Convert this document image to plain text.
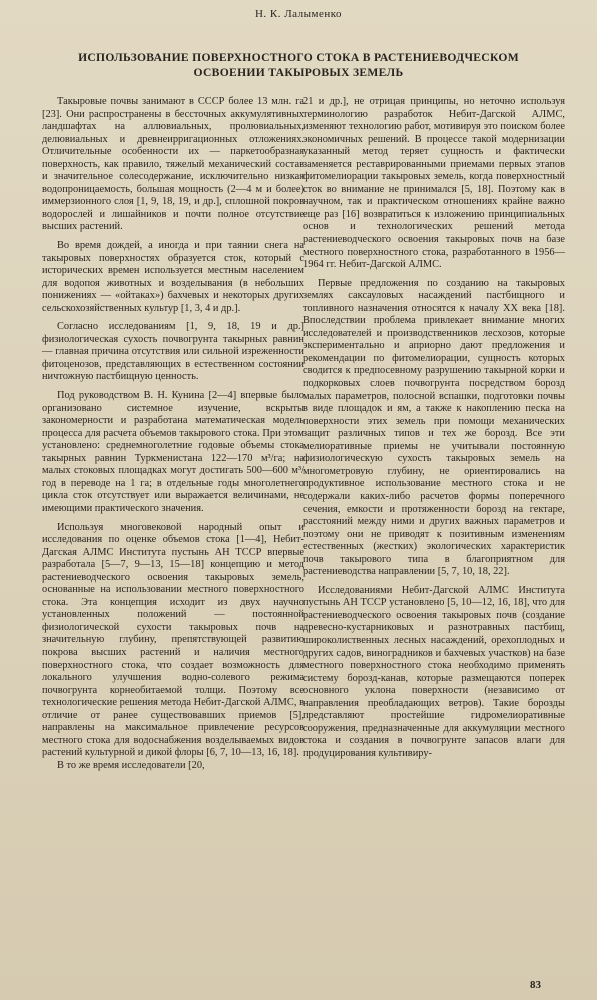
Н. К. Лалыменко
ИСПОЛЬЗОВАНИЕ ПОВЕРХНОСТНОГО СТОКА В РАСТЕНИЕВОДЧЕСКОМ
ОСВОЕНИИ ТАКЫРОВЫХ ЗЕМЕЛЬ

Такыровые почвы занимают в СССР более 13 млн. га [23]. Они распространены в бессточных аккумулятивных ландшафтах на аллювиальных, пролювиальных, делювиальных и древнеирригационных отложениях. Отличительные особенности их — паркетообразная поверхность, как правило, тяжелый механический состав и значительное солесодержание, исключительно низкая водопроницаемость, большая мощность (2—4 м и более) иммерзионного слоя [1, 9, 18, 19, и др.], сплошной покров водорослей и лишайников и почти полное отсутствие высших растений.

Во время дождей, а иногда и при таянии снега на такыровых поверхностях образуется сток, который с исторических времен используется местным населением для водопоя животных и возделывания (в небольших понижениях — «ойтаках») бахчевых и некоторых других сельскохозяйственных культур [1, 3, 4 и др.].

Согласно исследованиям [1, 9, 18, 19 и др.] физиологическая сухость почвогрунта такырных равнин — главная причина отсутствия или сильной изреженности фитоценозов, представляющих в естественном состоянии ничтожную пастбищную ценность.

Под руководством В. Н. Кунина [2—4] впервые было организовано системное изучение, вскрыты закономерности и разработана математическая модель процесса для расчета объемов такырового стока. При этом установлено: среднемноголетние годовые объемы стока такырных равнин Туркменистана 122—170 м³/га; на малых стоковых площадках могут достигать 500—600 м³/год в переводе на 1 га; в отдельные годы многолетнего цикла сток отсутствует или выражается величинами, не имеющими практического значения.

Используя многовековой народный опыт и исследования по оценке объемов стока [1—4], Небит-Дагская АЛМС Института пустынь АН ТССР впервые разработала [5—7, 9—13, 15—18] концепцию и метод растениеводческого освоения такыровых земель, основанные на использовании местного поверхностного стока. Эта концепция исходит из двух научно установленных положений — постоянной физиологической сухости такыровых почв на значительную глубину, препятствующей развитию покрова высших растений и наличия местного поверхностного стока, что создает возможность для локального улучшения водно-солевого режима почвогрунта корнеобитаемой толщи. Поэтому все технологические решения метода Небит-Дагской АЛМС, в отличие от ранее существовавших приемов [5], направлены на максимальное привлечение ресурсов местного стока для водоснабжения возделываемых видов растений культурной и дикой флоры [6, 7, 10—13, 16, 18].

В то же время исследователи [20,

21 и др.], не отрицая принципы, но неточно используя терминологию разработок Небит-Дагской АЛМС, изменяют технологию работ, мотивируя это поиском более экономичных решений. В процессе такой модернизации указанный метод теряет сущность и фактически заменяется реставрированными приемами первых этапов фитомелиорации такыровых земель, когда поверхностный сток во внимание не принимался [5, 18]. Поэтому как в научном, так и практическом отношениях крайне важно еще раз [16] возвратиться к изложению принципиальных основ и технологических решений метода растениеводческого освоения такыровых почв на базе местного поверхностного стока, разработанного в 1956—1964 гг. Небит-Дагской АЛМС.

Первые предложения по созданию на такыровых землях саксауловых насаждений пастбищного и топливного назначения относятся к началу XX века [18]. Впоследствии проблема привлекает внимание многих исследователей и производственников лесхозов, которые экспериментально и априорно дают предложения и рекомендации по фитомелиорации, сущность которых сводится к предпосевному разрушению такырной корки и подкорковых слоев почвогрунта посредством борозд малых параметров, полосной вспашки, подготовки почвы в виде площадок и ям, а также к накоплению песка на поверхности этих земель при помощи механических защит различных типов и тех же борозд. Все эти мелиоративные приемы не учитывали постоянную физиологическую сухость такыровых земель на многометровую глубину, не ориентировались на продуктивное использование местного стока и не содержали каких-либо расчетов формы поперечного сечения, емкости и протяженности борозд на гектаре, расстояний между ними и других важных параметров и поэтому они не приводят к позитивным изменениям естественных (жестких) экологических характеристик почв такырового типа в благоприятном для растениеводства направлении [5, 7, 10, 18, 22].

Исследованиями Небит-Дагской АЛМС Института пустынь АН ТССР установлено [5, 10—12, 16, 18], что для растениеводческого освоения такыровых почв (создание древесно-кустарниковых и разнотравных пастбищ, широколиственных лесных насаждений, орехоплодных и других садов, виноградников и бахчевых участков) на базе местного поверхностного стока необходимо применять систему борозд-канав, которые размещаются поперек основного уклона поверхности (независимо от направления преобладающих ветров). Такие борозды представляют простейшие гидромелиоративные сооружения, предназначенные для аккумуляции местного стока и создания в почвогрунте запасов влаги для продуцирования культивиру-

83
